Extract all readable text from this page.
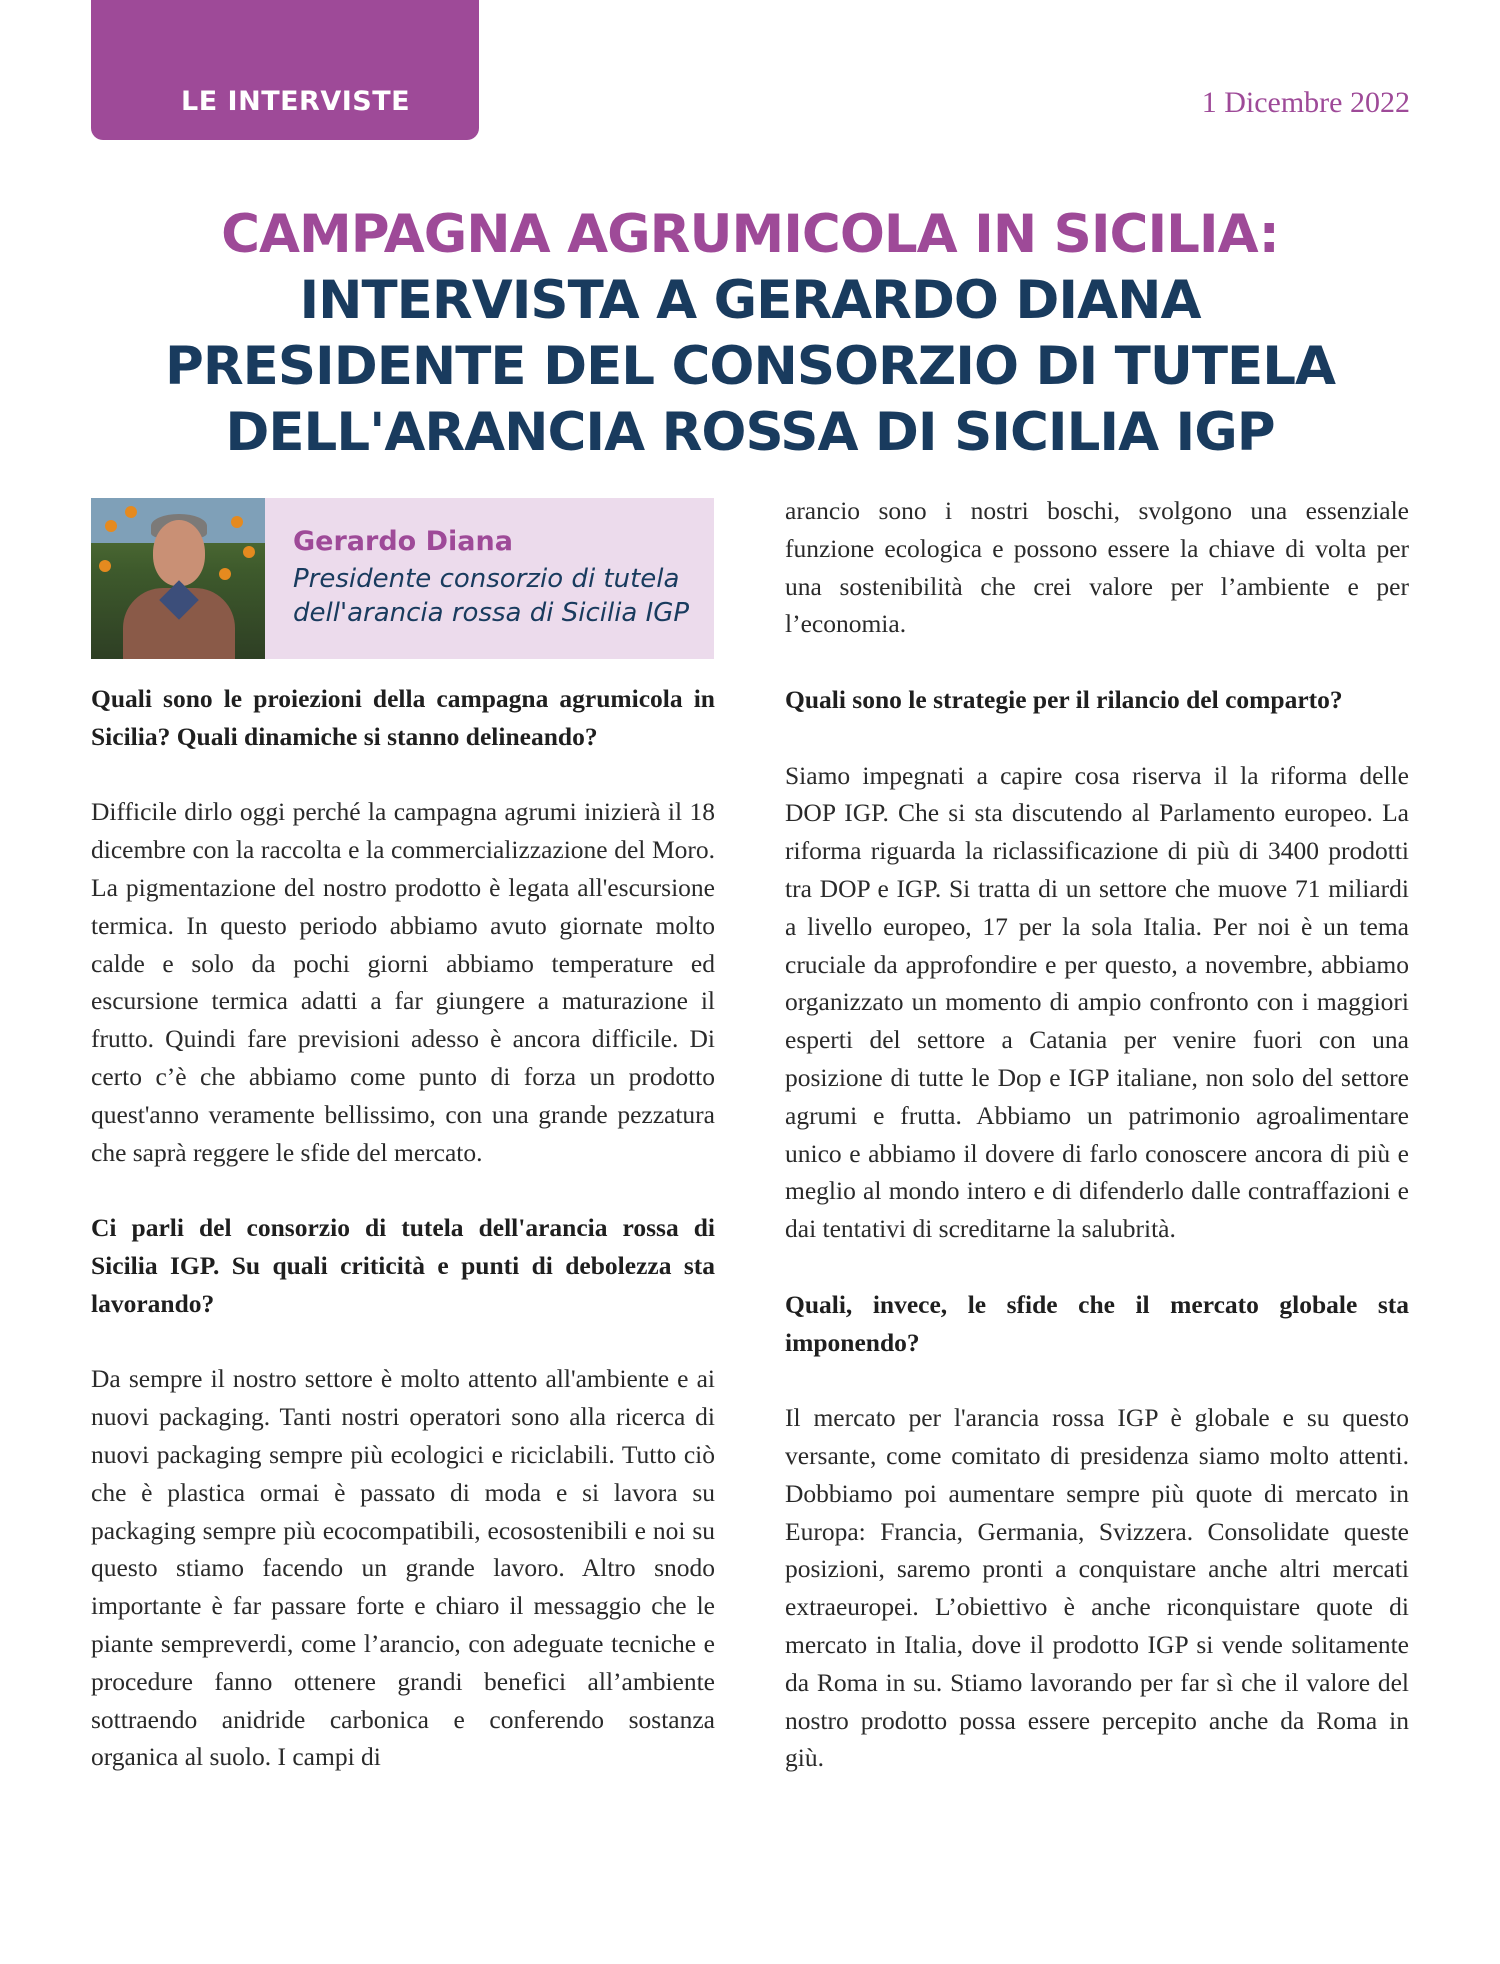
LE INTERVISTE	1 Dicembre 2022
CAMPAGNA AGRUMICOLA IN SICILIA:
INTERVISTA A GERARDO DIANA
PRESIDENTE DEL CONSORZIO DI TUTELA
DELL'ARANCIA ROSSA DI SICILIA IGP
Gerardo Diana
Presidente consorzio di tutela
dell'arancia rossa di Sicilia IGP

Quali sono le proiezioni della campagna agrumicola in Sicilia? Quali dinamiche si stanno delineando?

Difficile dirlo oggi perché la campagna agrumi inizierà il 18 dicembre con la raccolta e la commercializzazione del Moro. La pigmentazione del nostro prodotto è legata all'escursione termica. In questo periodo abbiamo avuto giornate molto calde e solo da pochi giorni abbiamo temperature ed escursione termica adatti a far giungere a maturazione il frutto. Quindi fare previsioni adesso è ancora difficile. Di certo c’è che abbiamo come punto di forza un prodotto quest'anno veramente bellissimo, con una grande pezzatura che saprà reggere le sfide del mercato.

Ci parli del consorzio di tutela dell'arancia rossa di Sicilia IGP. Su quali criticità e punti di debolezza sta lavorando?

Da sempre il nostro settore è molto attento all'ambiente e ai nuovi packaging. Tanti nostri operatori sono alla ricerca di nuovi packaging sempre più ecologici e riciclabili. Tutto ciò che è plastica ormai è passato di moda e si lavora su packaging sempre più ecocompatibili, ecosostenibili e noi su questo stiamo facendo un grande lavoro. Altro snodo importante è far passare forte e chiaro il messaggio che le piante sempreverdi, come l’arancio, con adeguate tecniche e procedure fanno ottenere grandi benefici all’ambiente sottraendo anidride carbonica e conferendo sostanza organica al suolo. I campi di

arancio sono i nostri boschi, svolgono una essenziale funzione ecologica e possono essere la chiave di volta per una sostenibilità che crei valore per l’ambiente e per l’economia.

Quali sono le strategie per il rilancio del comparto?

Siamo impegnati a capire cosa riserva il la riforma delle DOP IGP. Che si sta discutendo al Parlamento europeo. La riforma riguarda la riclassificazione di più di 3400 prodotti tra DOP e IGP. Si tratta di un settore che muove 71 miliardi a livello europeo, 17 per la sola Italia. Per noi è un tema cruciale da approfondire e per questo, a novembre, abbiamo organizzato un momento di ampio confronto con i maggiori esperti del settore a Catania per venire fuori con una posizione di tutte le Dop e IGP italiane, non solo del settore agrumi e frutta. Abbiamo un patrimonio agroalimentare unico e abbiamo il dovere di farlo conoscere ancora di più e meglio al mondo intero e di difenderlo dalle contraffazioni e dai tentativi di screditarne la salubrità.

Quali, invece, le sfide che il mercato globale sta imponendo?

Il mercato per l'arancia rossa IGP è globale e su questo versante, come comitato di presidenza siamo molto attenti. Dobbiamo poi aumentare sempre più quote di mercato in Europa: Francia, Germania, Svizzera. Consolidate queste posizioni, saremo pronti a conquistare anche altri mercati extraeuropei. L’obiettivo è anche riconquistare quote di mercato in Italia, dove il prodotto IGP si vende solitamente da Roma in su. Stiamo lavorando per far sì che il valore del nostro prodotto possa essere percepito anche da Roma in giù.
